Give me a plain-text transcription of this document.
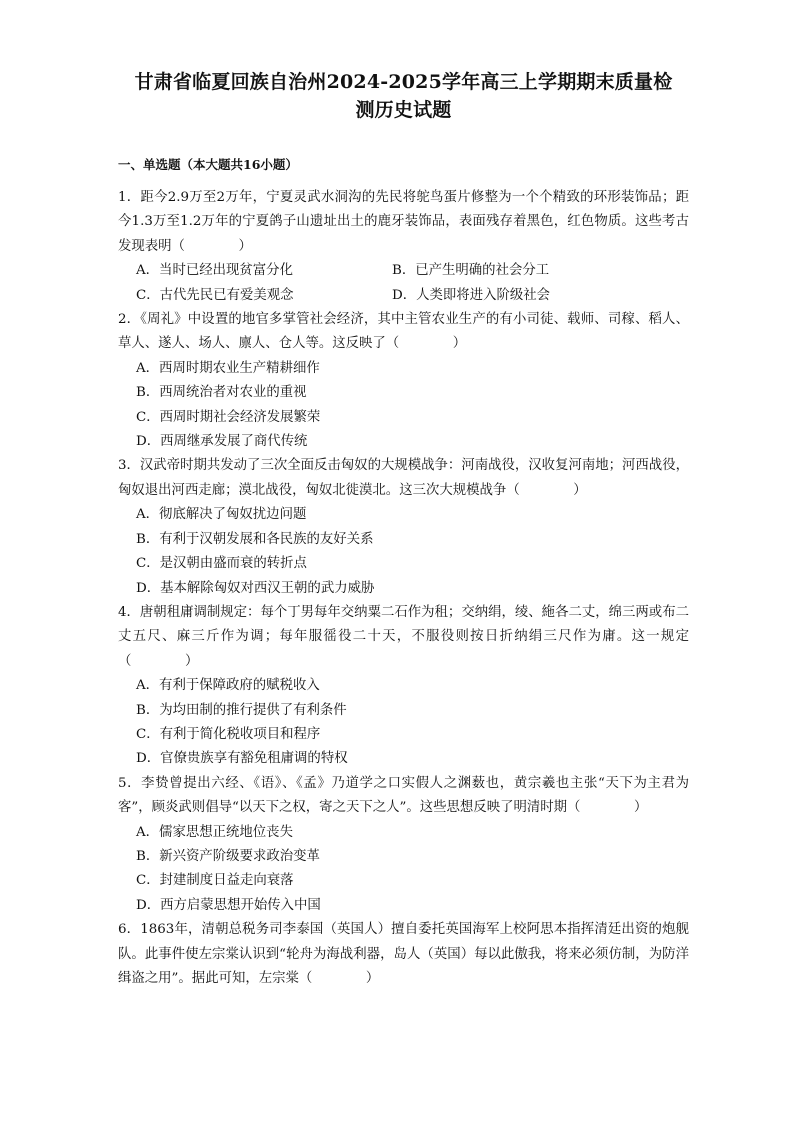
甘肃省临夏回族自治州2024-2025学年高三上学期期末质量检测历史试题
一、单选题（本大题共16小题）
1．距今2.9万至2万年，宁夏灵武水洞沟的先民将鸵鸟蛋片修整为一个个精致的环形装饰品；距今1.3万至1.2万年的宁夏鸽子山遗址出土的鹿牙装饰品，表面残存着黑色，红色物质。这些考古发现表明（　　　　）
A．当时已经出现贫富分化	B．已产生明确的社会分工
C．古代先民已有爱美观念	D．人类即将进入阶级社会
2．《周礼》中设置的地官多掌管社会经济，其中主管农业生产的有小司徒、载师、司稼、稻人、草人、遂人、场人、廪人、仓人等。这反映了（　　　　）
A．西周时期农业生产精耕细作
B．西周统治者对农业的重视
C．西周时期社会经济发展繁荣
D．西周继承发展了商代传统
3．汉武帝时期共发动了三次全面反击匈奴的大规模战争：河南战役，汉收复河南地；河西战役，匈奴退出河西走廊；漠北战役，匈奴北徙漠北。这三次大规模战争（　　　　）
A．彻底解决了匈奴扰边问题
B．有利于汉朝发展和各民族的友好关系
C．是汉朝由盛而衰的转折点
D．基本解除匈奴对西汉王朝的武力威胁
4．唐朝租庸调制规定：每个丁男每年交纳粟二石作为租；交纳绢，绫、絁各二丈，绵三两或布二丈五尺、麻三斤作为调；每年服徭役二十天，不服役则按日折纳绢三尺作为庸。这一规定（　　　　）
A．有利于保障政府的赋税收入
B．为均田制的推行提供了有利条件
C．有利于简化税收项目和程序
D．官僚贵族享有豁免租庸调的特权
5．李贽曾提出六经、《语》、《孟》乃道学之口实假人之渊薮也，黄宗羲也主张“天下为主君为客”，顾炎武则倡导“以天下之权，寄之天下之人”。这些思想反映了明清时期（　　　　）
A．儒家思想正统地位丧失
B．新兴资产阶级要求政治变革
C．封建制度日益走向衰落
D．西方启蒙思想开始传入中国
6．1863年，清朝总税务司李泰国（英国人）擅自委托英国海军上校阿思本指挥清廷出资的炮舰队。此事件使左宗棠认识到“轮舟为海战利器，岛人（英国）每以此傲我，将来必须仿制，为防洋缉盗之用”。据此可知，左宗棠（　　　　）
